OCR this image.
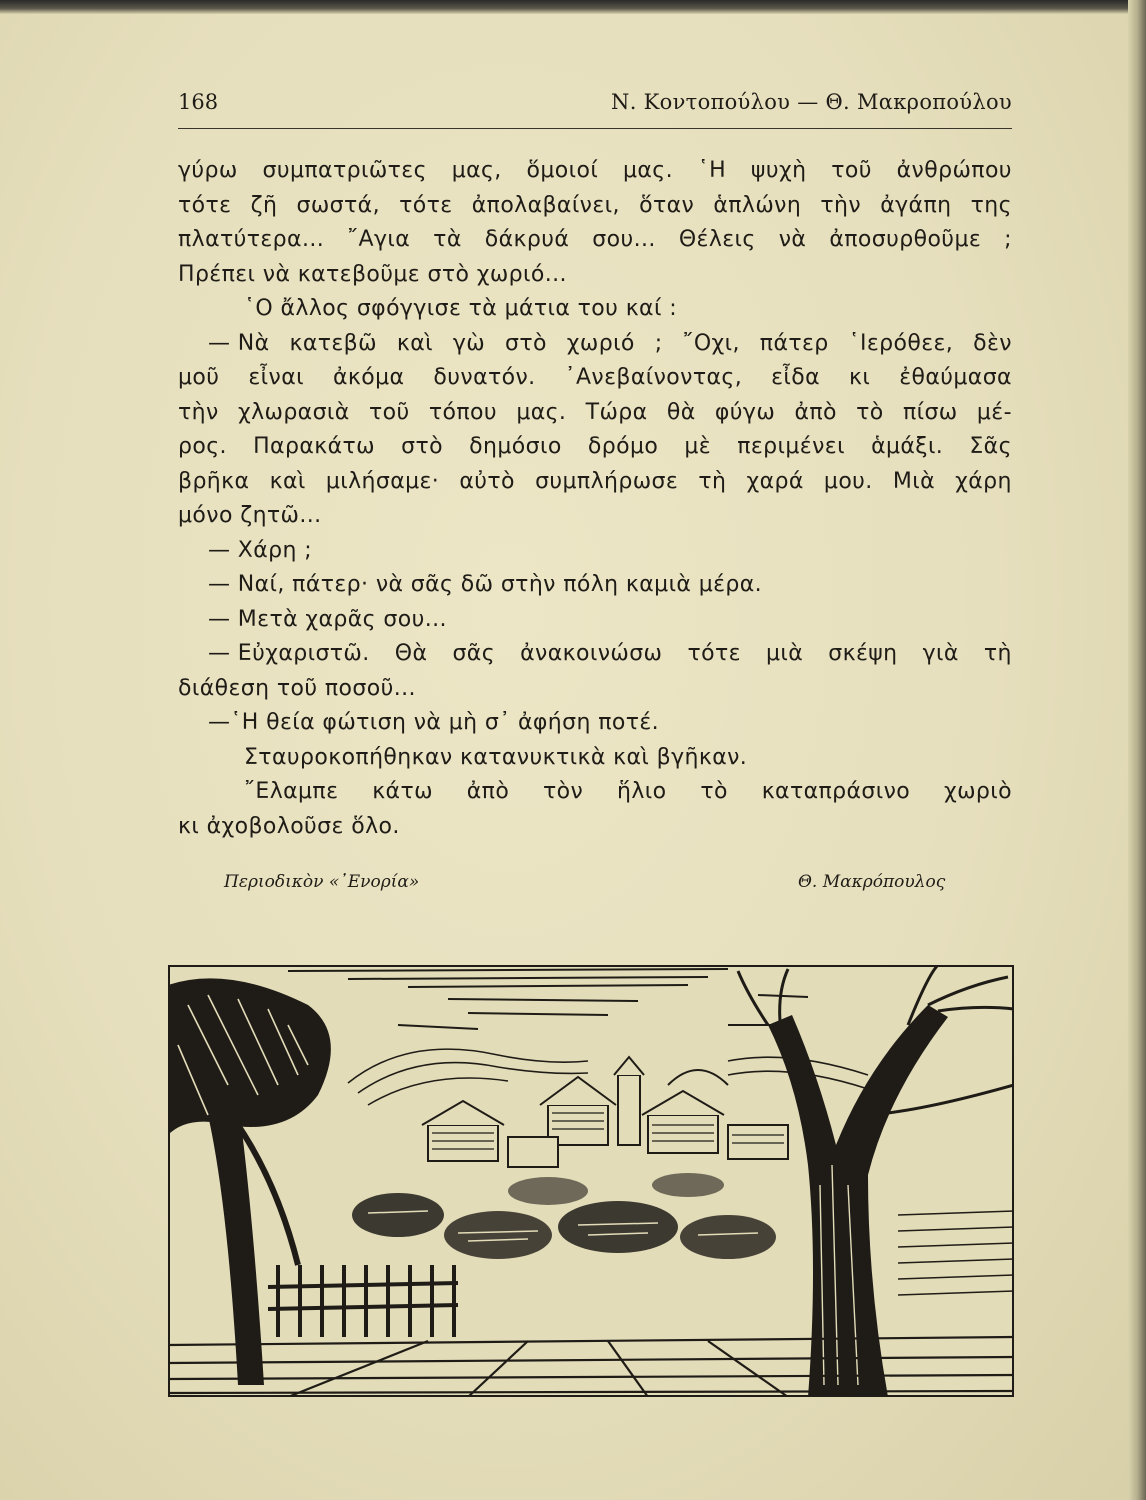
168	Ν. Κοντοπούλου — Θ. Μακροπούλου
γύρω συμπατριῶτες μας, ὅμοιοί μας. ῾Η ψυχὴ τοῦ ἀνθρώπου
τότε ζῆ σωστά, τότε ἀπολαβαίνει, ὅταν ἁπλώνη τὴν ἀγάπη της
πλατύτερα... ῎Αγια τὰ δάκρυά σου... Θέλεις νὰ ἀποσυρθοῦμε ;
Πρέπει νὰ κατεβοῦμε στὸ χωριό...
῾Ο ἄλλος σφόγγισε τὰ μάτια του καί :
— Νὰ κατεβῶ καὶ γὼ στὸ χωριό ; ῎Οχι, πάτερ ῾Ιερόθεε, δὲν
μοῦ εἶναι ἀκόμα δυνατόν. ᾿Ανεβαίνοντας, εἶδα κι ἐθαύμασα
τὴν χλωρασιὰ τοῦ τόπου μας. Τώρα θὰ φύγω ἀπὸ τὸ πίσω μέ-
ρος. Παρακάτω στὸ δημόσιο δρόμο μὲ περιμένει ἁμάξι. Σᾶς
βρῆκα καὶ μιλήσαμε· αὐτὸ συμπλήρωσε τὴ χαρά μου. Μιὰ χάρη
μόνο ζητῶ...
— Χάρη ;
— Ναί, πάτερ· νὰ σᾶς δῶ στὴν πόλη καμιὰ μέρα.
— Μετὰ χαρᾶς σου...
— Εὐχαριστῶ. Θὰ σᾶς ἀνακοινώσω τότε μιὰ σκέψη γιὰ τὴ
διάθεση τοῦ ποσοῦ...
—῾Η θεία φώτιση νὰ μὴ σ᾽ ἀφήση ποτέ.
Σταυροκοπήθηκαν κατανυκτικὰ καὶ βγῆκαν.
῎Ελαμπε κάτω ἀπὸ τὸν ἥλιο τὸ καταπράσινο χωριὸ
κι ἀχοβολοῦσε ὅλο.
Περιοδικὸν «᾿Ενορία»	Θ. Μακρόπουλος
